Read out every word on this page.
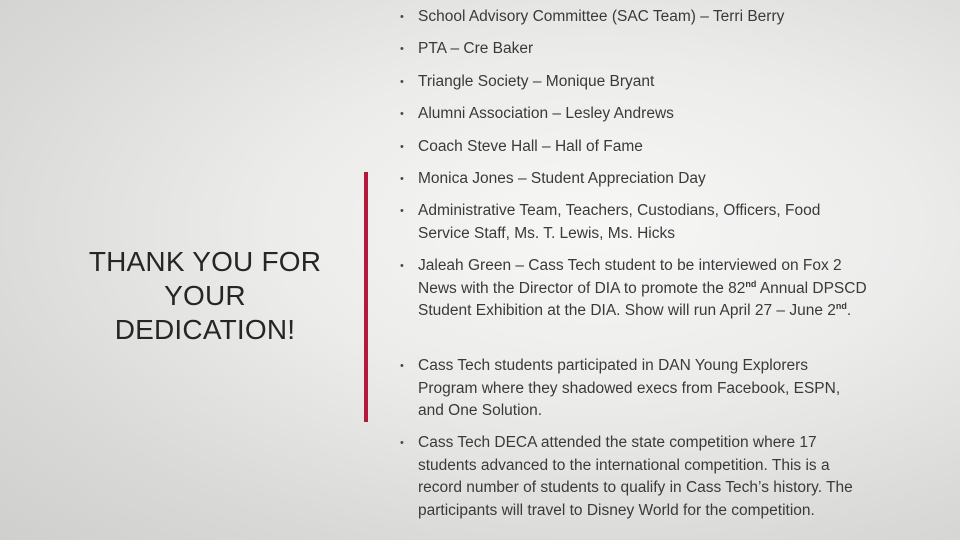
THANK YOU FOR
YOUR
DEDICATION!
• School Advisory Committee (SAC Team) – Terri Berry
• PTA – Cre Baker
• Triangle Society – Monique Bryant
• Alumni Association – Lesley Andrews
• Coach Steve Hall – Hall of Fame
• Monica Jones – Student Appreciation Day
• Administrative Team, Teachers, Custodians, Officers, Food Service Staff, Ms. T. Lewis, Ms. Hicks
• Jaleah Green – Cass Tech student to be interviewed on Fox 2 News with the Director of DIA to promote the 82nd Annual DPSCD Student Exhibition at the DIA. Show will run April 27 – June 2nd.
• Cass Tech students participated in DAN Young Explorers Program where they shadowed execs from Facebook, ESPN, and One Solution.
• Cass Tech DECA attended the state competition where 17 students advanced to the international competition. This is a record number of students to qualify in Cass Tech’s history. The participants will travel to Disney World for the competition.
